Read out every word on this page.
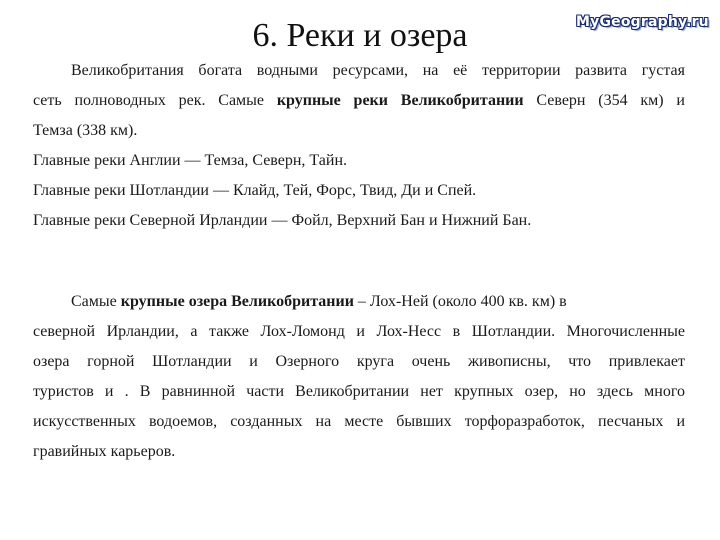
6. Реки и озера	MyGeography.ru
Великобритания богата водными ресурсами, на её территории развита густая
сеть полноводных рек. Самые крупные реки Великобритании Северн (354 км) и
Темза (338 км).
Главные реки Англии — Темза, Северн, Тайн.
Главные реки Шотландии — Клайд, Тей, Форс, Твид, Ди и Спей.
Главные реки Северной Ирландии — Фойл, Верхний Бан и Нижний Бан.
Самые крупные озера Великобритании – Лох-Ней (около 400 кв. км) в
северной Ирландии, а также Лох-Ломонд и Лох-Несс в Шотландии. Многочисленные
озера горной Шотландии и Озерного круга очень живописны, что привлекает
туристов и . В равнинной части Великобритании нет крупных озер, но здесь много
искусственных водоемов, созданных на месте бывших торфоразработок, песчаных и
гравийных карьеров.
